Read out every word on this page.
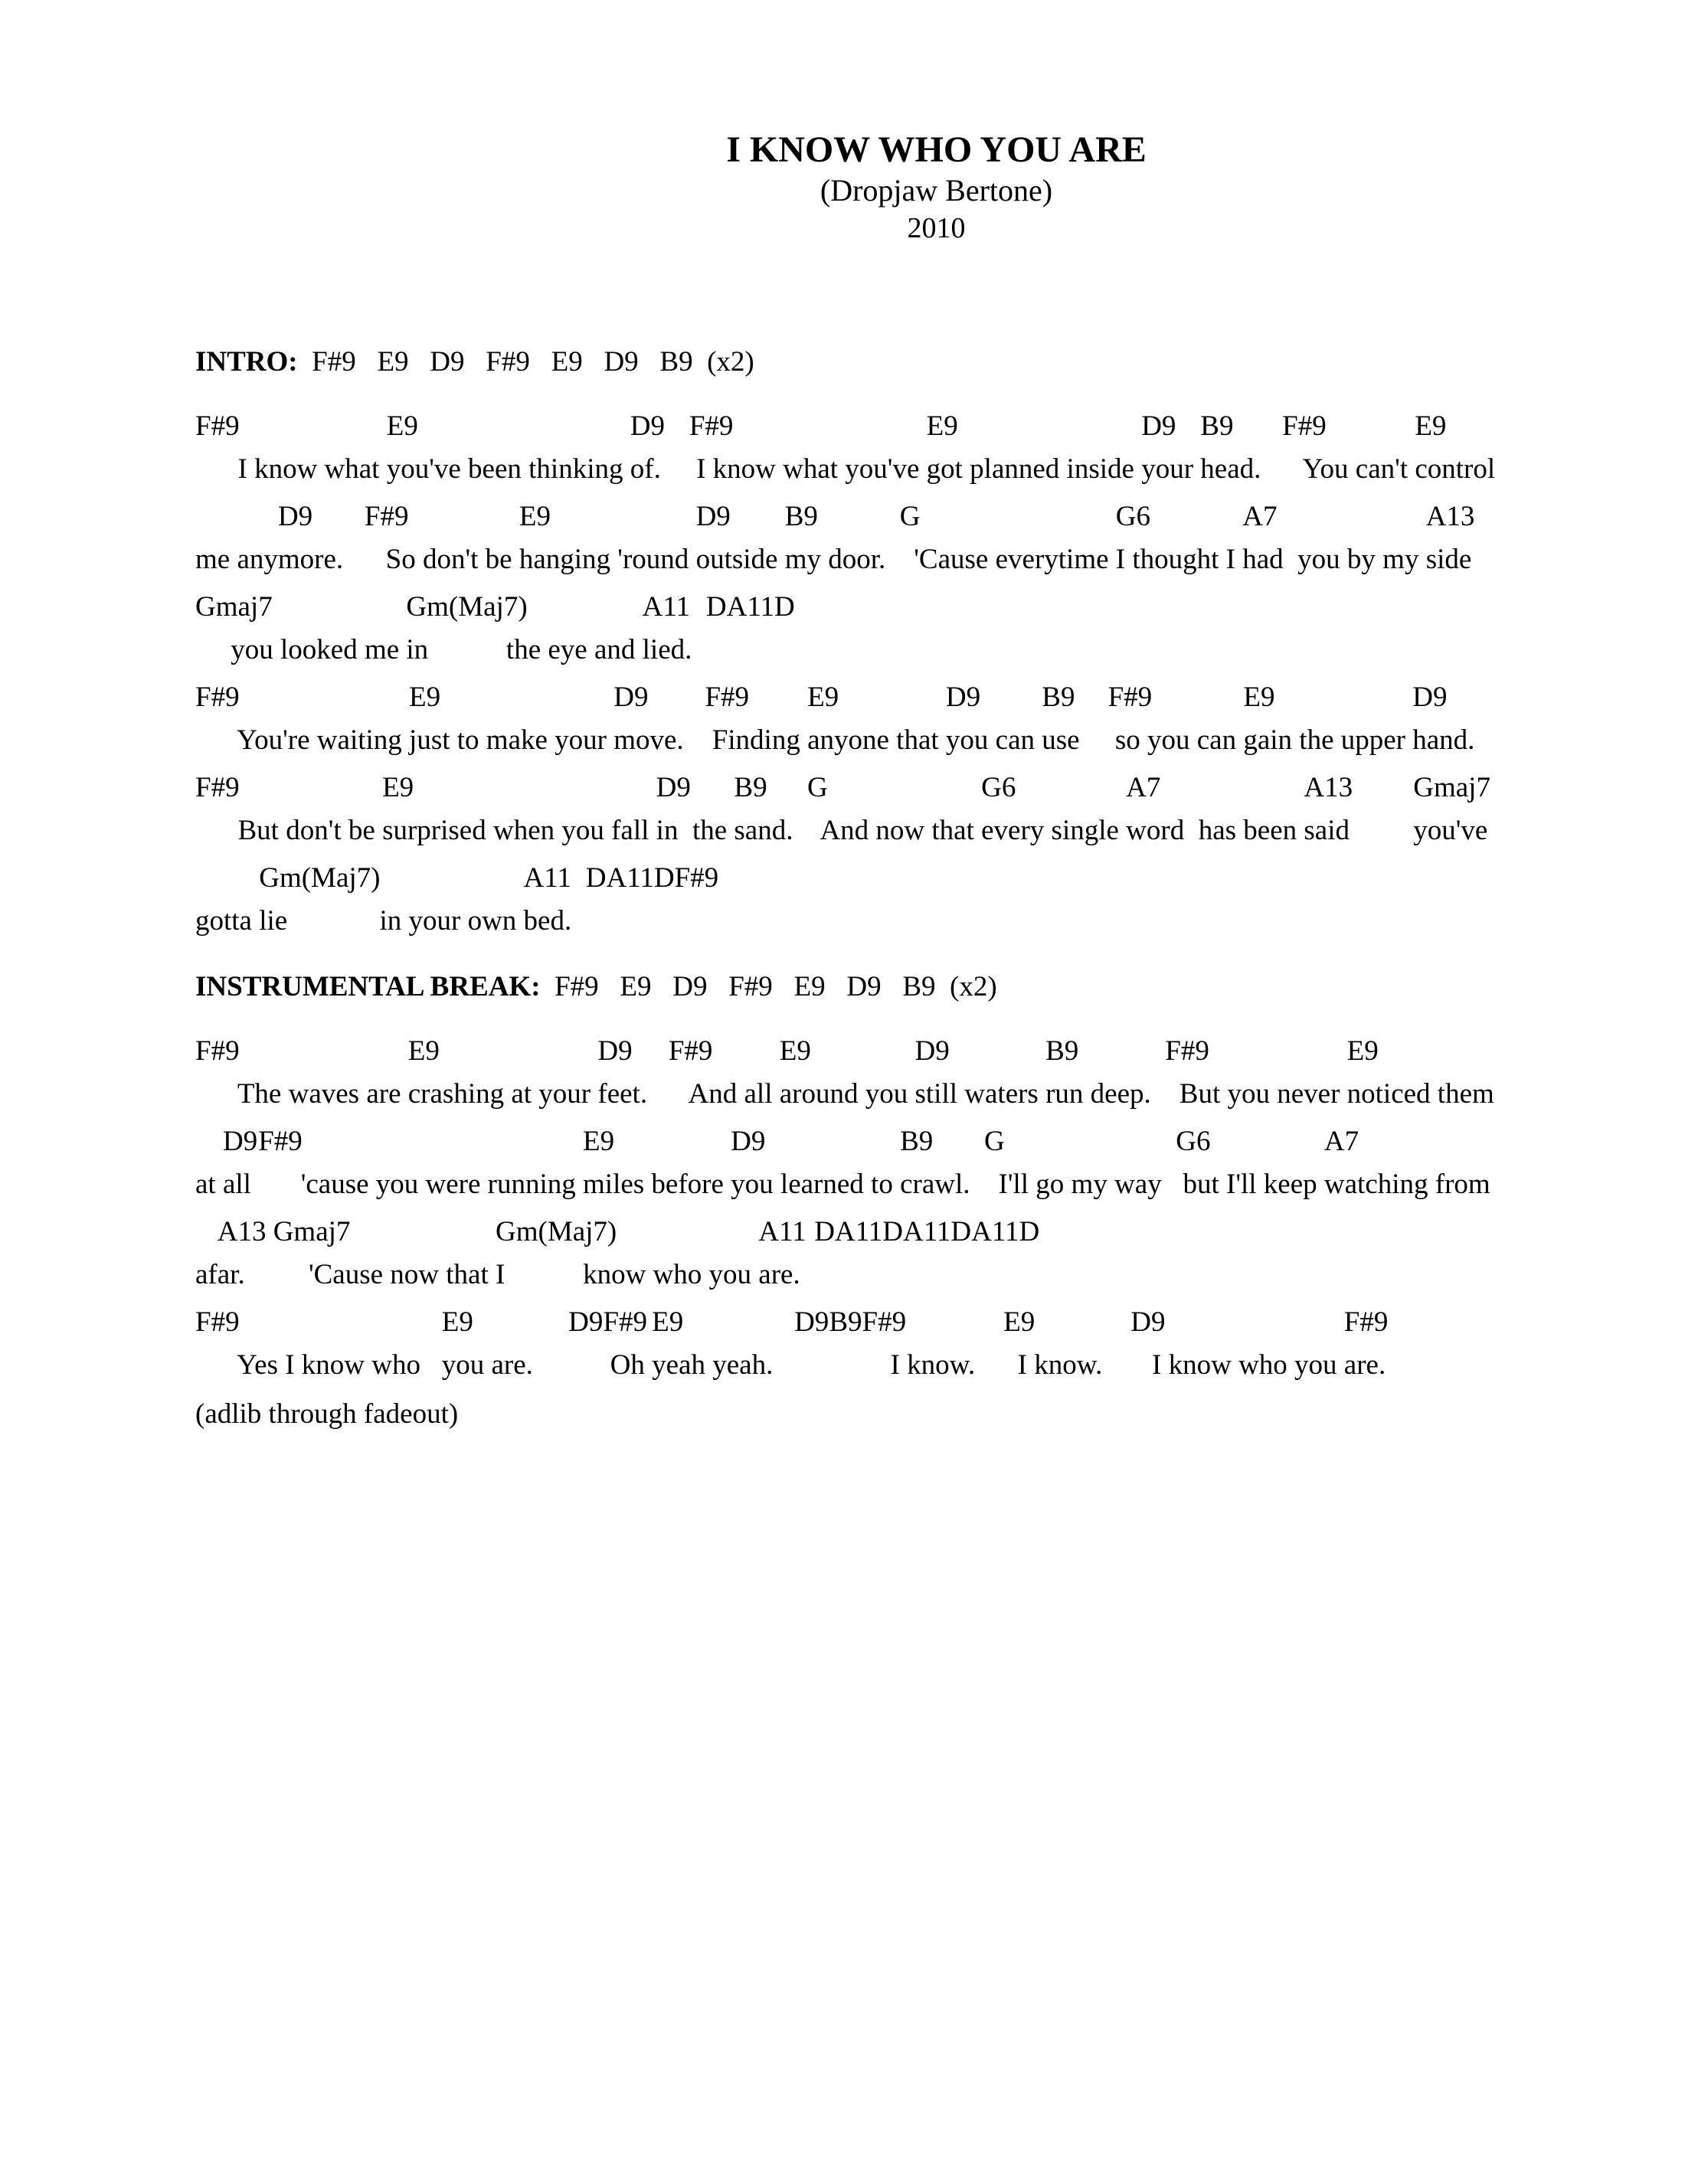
I KNOW WHO YOU ARE
(Dropjaw Bertone)
2010
INTRO:  F#9   E9   D9   F#9   E9   D9   B9  (x2)
F#9
I know what
E9
you've been thinking
D9
of.
F#9
I know what you've
E9
got planned inside
D9
your
B9
head.
F#9
You can't
E9
control

me any
D9
more.
F#9
So don't be
E9
hanging 'round
D9
outside
B9
my door.
G
'Cause everytime
G6
I thought I
A7
had  you by my
A13
side
Gmaj7
you looked me
Gm(Maj7)
in           the eye and
A11
lied.
D
A11
D

F#9
You're waiting
E9
just to make your
D9
move.
F#9
Finding
E9
anyone that
D9
you can
B9
use
F#9
so you can
E9
gain the upper
D9
hand.
F#9
But don't be
E9
surprised when you fall
D9
in  the
B9
sand.
G
And now that
G6
every single
A7
word  has been
A13
said
Gmaj7
you've

gotta
Gm(Maj7)
lie             in your own
A11
bed.
D
A11
D
F#9

INSTRUMENTAL BREAK:  F#9   E9   D9   F#9   E9   D9   B9  (x2)
F#9
The waves are
E9
crashing at your
D9
feet.
F#9
And all
E9
around you
D9
still waters
B9
run deep.
F#9
But you never
E9
noticed them

at
D9
all
F#9
'cause you were running
E9
miles before
D9
you learned to
B9
crawl.
G
I'll go my way
G6
but I'll keep
A7
watching from

af
A13
ar.
Gmaj7
'Cause now that
Gm(Maj7)
I           know who you
A11
are.
D
A11
D
A11
D
A11
D

F#9
Yes I know who
E9
you are.
D9
F#9
Oh
E9
yeah yeah.
D9
B9
F#9
I know.
E9
I know.
D9
I know who you
F#9
are.
(adlib through fadeout)
